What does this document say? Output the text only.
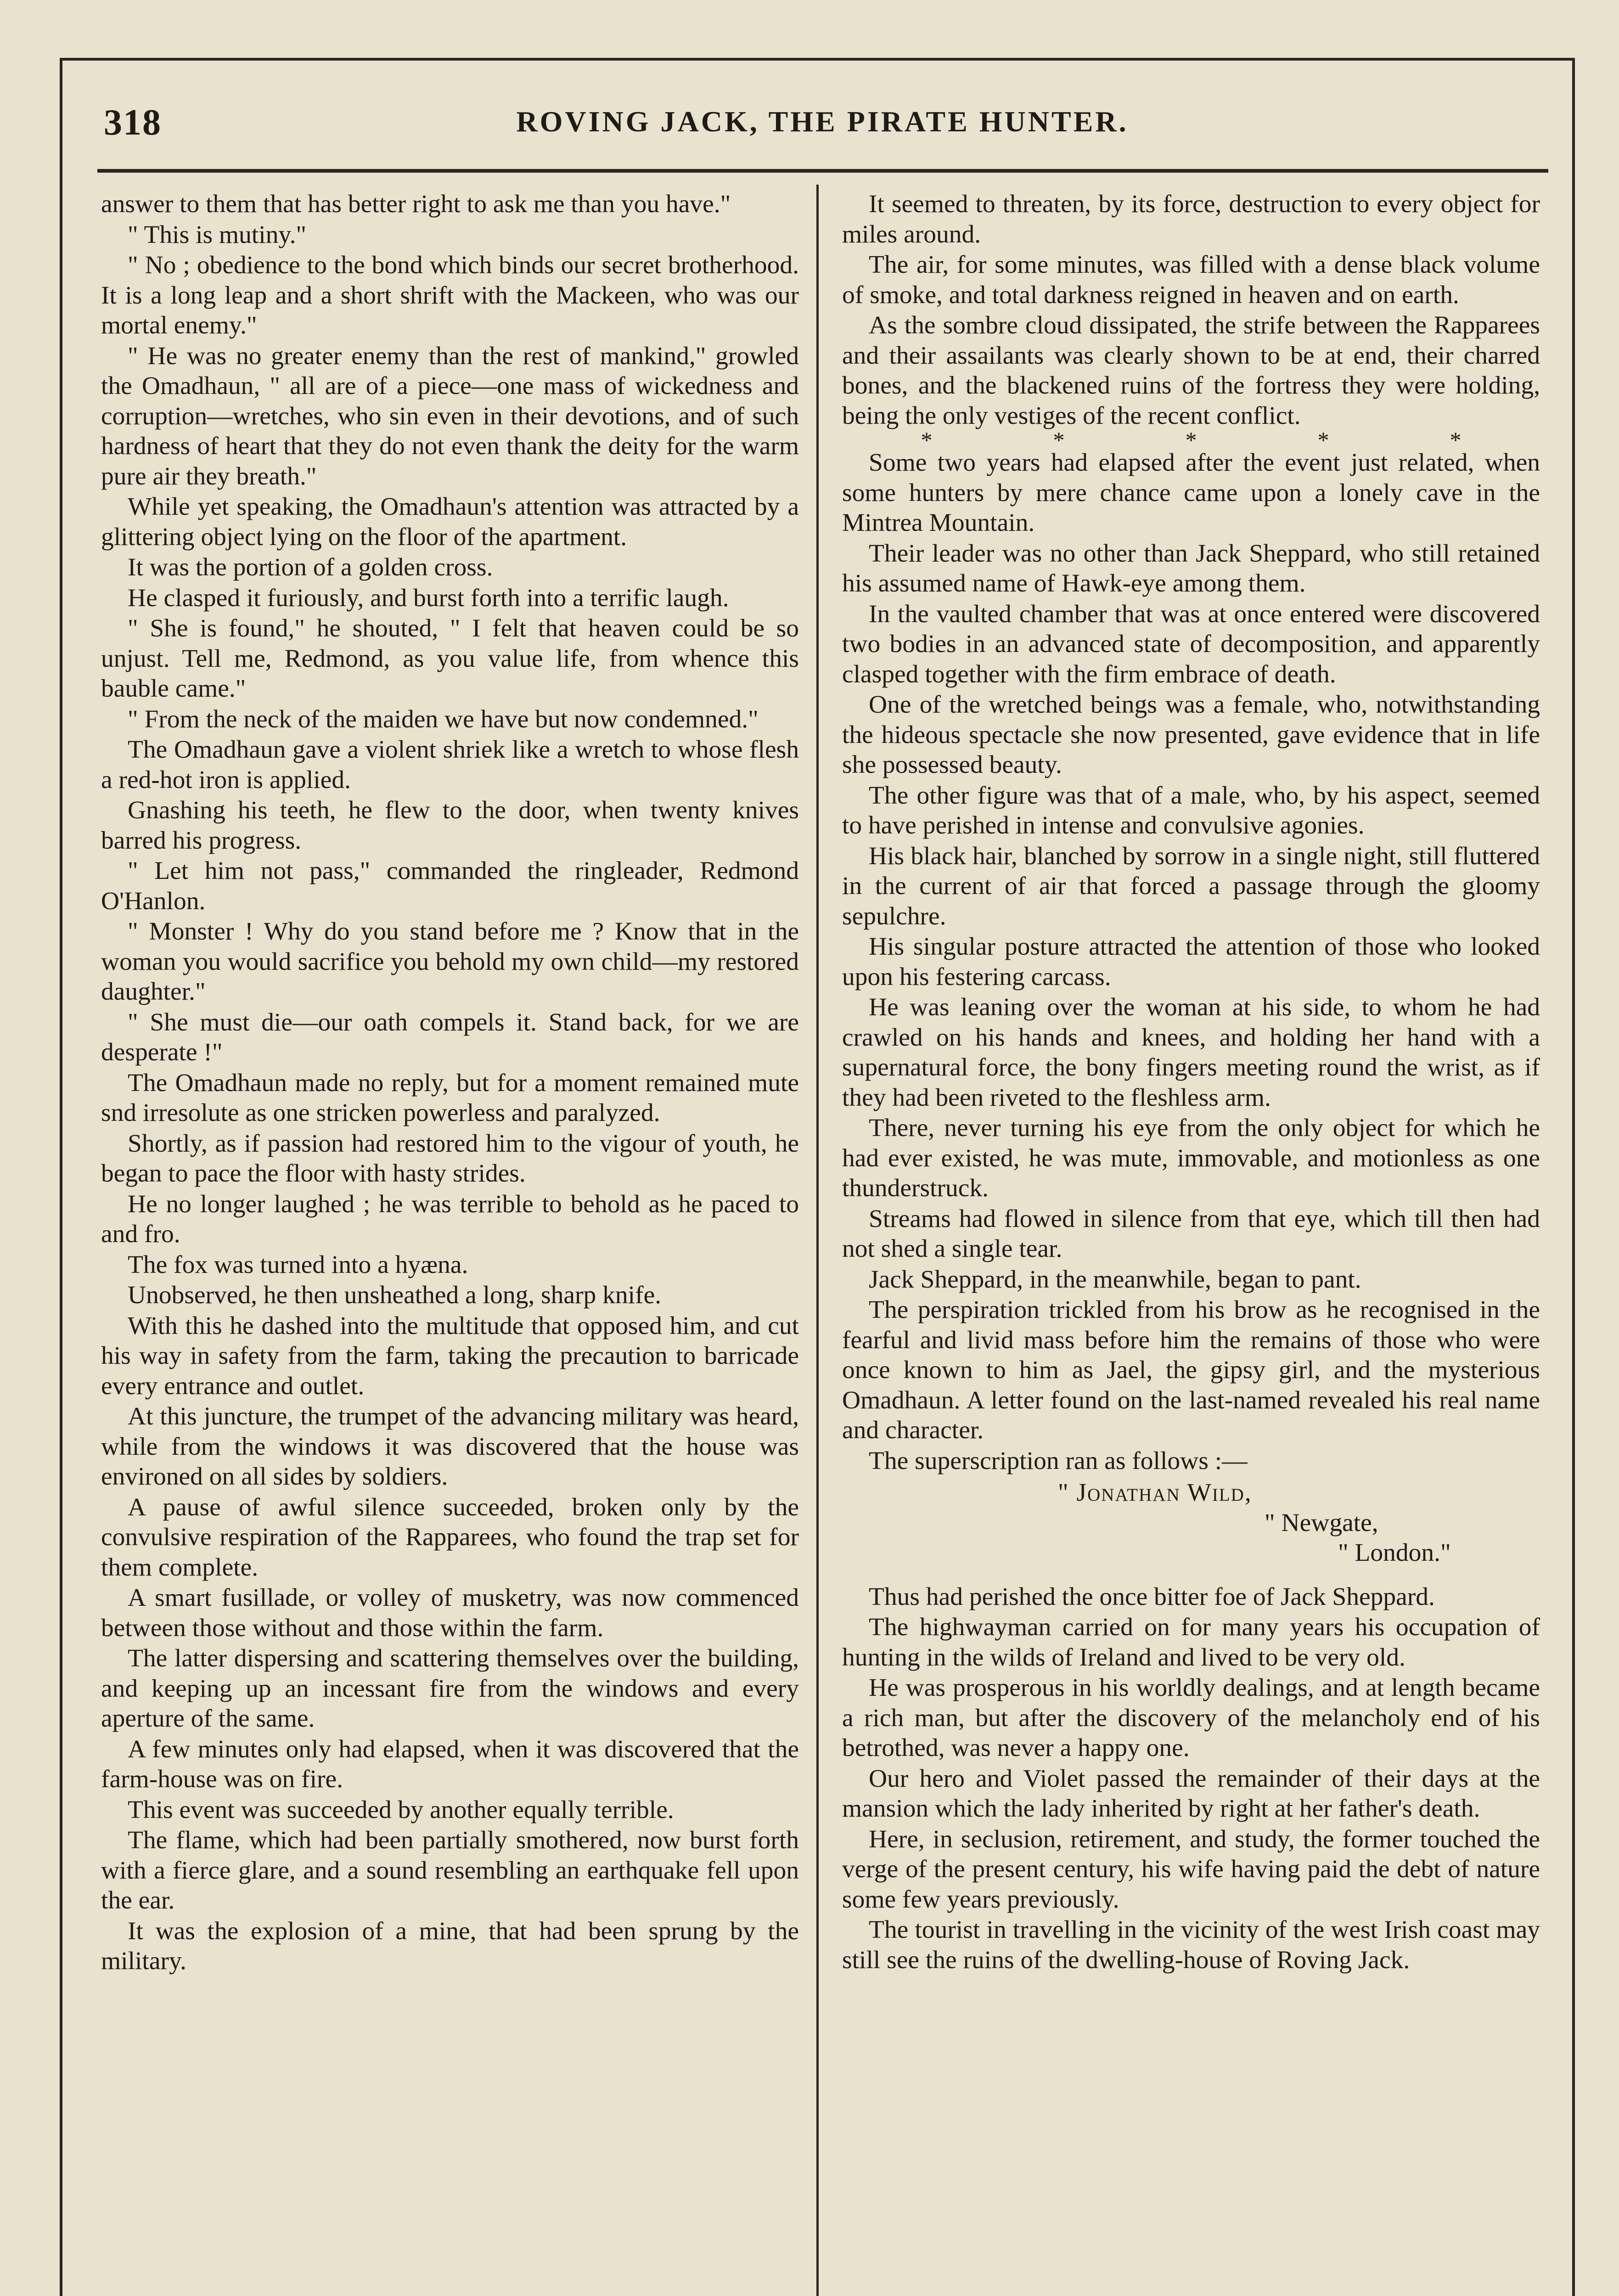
318	ROVING JACK, THE PIRATE HUNTER.

answer to them that has better right to ask me than you have."

" This is mutiny."

" No ; obedience to the bond which binds our secret brotherhood. It is a long leap and a short shrift with the Mackeen, who was our mortal enemy."

" He was no greater enemy than the rest of mankind," growled the Omadhaun, " all are of a piece—one mass of wickedness and corruption—wretches, who sin even in their devotions, and of such hardness of heart that they do not even thank the deity for the warm pure air they breath."

While yet speaking, the Omadhaun's attention was attracted by a glittering object lying on the floor of the apartment.

It was the portion of a golden cross.

He clasped it furiously, and burst forth into a terrific laugh.

" She is found," he shouted, " I felt that heaven could be so unjust. Tell me, Redmond, as you value life, from whence this bauble came."

" From the neck of the maiden we have but now condemned."

The Omadhaun gave a violent shriek like a wretch to whose flesh a red-hot iron is applied.

Gnashing his teeth, he flew to the door, when twenty knives barred his progress.

" Let him not pass," commanded the ringleader, Redmond O'Hanlon.

" Monster ! Why do you stand before me ? Know that in the woman you would sacrifice you behold my own child—my restored daughter."

" She must die—our oath compels it. Stand back, for we are desperate !"

The Omadhaun made no reply, but for a moment remained mute snd irresolute as one stricken powerless and paralyzed.

Shortly, as if passion had restored him to the vigour of youth, he began to pace the floor with hasty strides.

He no longer laughed ; he was terrible to behold as he paced to and fro.

The fox was turned into a hyæna.

Unobserved, he then unsheathed a long, sharp knife.

With this he dashed into the multitude that opposed him, and cut his way in safety from the farm, taking the precaution to barricade every entrance and outlet.

At this juncture, the trumpet of the advancing military was heard, while from the windows it was discovered that the house was environed on all sides by soldiers.

A pause of awful silence succeeded, broken only by the convulsive respiration of the Rapparees, who found the trap set for them complete.

A smart fusillade, or volley of musketry, was now commenced between those without and those within the farm.

The latter dispersing and scattering themselves over the building, and keeping up an incessant fire from the windows and every aperture of the same.

A few minutes only had elapsed, when it was discovered that the farm-house was on fire.

This event was succeeded by another equally terrible.

The flame, which had been partially smothered, now burst forth with a fierce glare, and a sound resembling an earthquake fell upon the ear.

It was the explosion of a mine, that had been sprung by the military.

It seemed to threaten, by its force, destruction to every object for miles around.

The air, for some minutes, was filled with a dense black volume of smoke, and total darkness reigned in heaven and on earth.

As the sombre cloud dissipated, the strife between the Rapparees and their assailants was clearly shown to be at end, their charred bones, and the blackened ruins of the fortress they were holding, being the only vestiges of the recent conflict.

*	*	*	*	*

Some two years had elapsed after the event just related, when some hunters by mere chance came upon a lonely cave in the Mintrea Mountain.

Their leader was no other than Jack Sheppard, who still retained his assumed name of Hawk-eye among them.

In the vaulted chamber that was at once entered were discovered two bodies in an advanced state of decomposition, and apparently clasped together with the firm embrace of death.

One of the wretched beings was a female, who, notwithstanding the hideous spectacle she now presented, gave evidence that in life she possessed beauty.

The other figure was that of a male, who, by his aspect, seemed to have perished in intense and convulsive agonies.

His black hair, blanched by sorrow in a single night, still fluttered in the current of air that forced a passage through the gloomy sepulchre.

His singular posture attracted the attention of those who looked upon his festering carcass.

He was leaning over the woman at his side, to whom he had crawled on his hands and knees, and holding her hand with a supernatural force, the bony fingers meeting round the wrist, as if they had been riveted to the fleshless arm.

There, never turning his eye from the only object for which he had ever existed, he was mute, immovable, and motionless as one thunderstruck.

Streams had flowed in silence from that eye, which till then had not shed a single tear.

Jack Sheppard, in the meanwhile, began to pant.

The perspiration trickled from his brow as he recognised in the fearful and livid mass before him the remains of those who were once known to him as Jael, the gipsy girl, and the mysterious Omadhaun. A letter found on the last-named revealed his real name and character.

The superscription ran as follows :—

" Jonathan Wild,

" Newgate,

" London."

Thus had perished the once bitter foe of Jack Sheppard.

The highwayman carried on for many years his occupation of hunting in the wilds of Ireland and lived to be very old.

He was prosperous in his worldly dealings, and at length became a rich man, but after the discovery of the melancholy end of his betrothed, was never a happy one.

Our hero and Violet passed the remainder of their days at the mansion which the lady inherited by right at her father's death.

Here, in seclusion, retirement, and study, the former touched the verge of the present century, his wife having paid the debt of nature some few years previously.

The tourist in travelling in the vicinity of the west Irish coast may still see the ruins of the dwelling-house of Roving Jack.
